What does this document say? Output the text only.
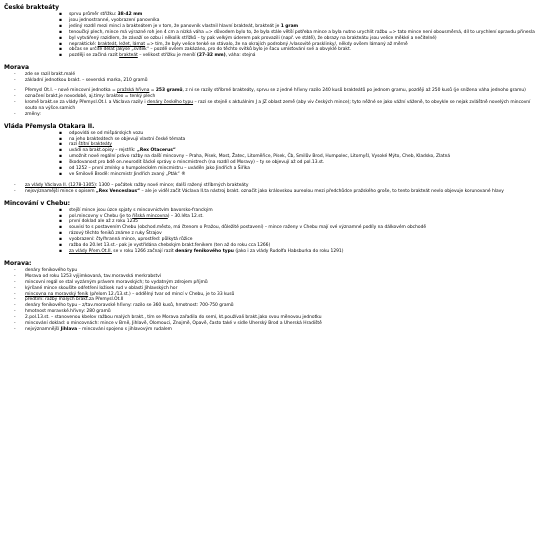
České brakteáty
▪ sprvu průměr střížku: 38-42 mm
▪ jsou jednostranné, vyobrazení panovníka
▪ jediný rozdíl mezi mincí a brakteátem je v tom, že panovník vlastnil hlavní brakteát, brakteát je 1 gram
▪ tenoučký plech, mince má výrazné roh jen 4 cm a nízká váha => důvodem bylo to, že byla stále větší potřeba mince a byla nutno urychlit ražbu => tato mince není obousměrná, díl to urychlení opravdu přinesla
▪ byl vytvářený razidlem, že závaží se ozbu i několik střížků – ty pak velkým úderem pak provazili (např. ve státě), že obrazy na brakteátu jsou velice měkké a nečitelné)
▪ nepraktické: brakteát, ležet, lámat => tím, že byly velice tenké se stávalo, že na okrajích podrobný /vlasovité prasklinky/, někdy ovšem lámaný až měrně
▪ občas se určitě dělat jakýse „svítek“ – pozdě ovšem zakázáno, pro do těchto svitků bylo je šacu umísťování své a obvyklé brakt.
▪ později se začíná razit brakteát – velikost střížku je menší (27-32 mm), váha: stejná
Morava
- zde se razil brakt.malé
- základní jednotkou brakt. – severská marka, 210 gramů
- Přemysl Ot.I. – nové mincovní jednotka = pražská hřivna = 253 gramů, z ní se razily stříbrné brakteáty, sprvu se z jedné hřivny razilo 240 kusů brakteátů po jednom gramu, později až 250 kusů (je snížena váha jednoho gramu)
- označení brakt.je novodobé, aj.tímy: brakteo = tenký plech
- kromě brakt.se za vlády Přemysl.Ot.I. a Václava razily i denáry českého typu – razí se stejně s aktuálním J a JZ oblast země (aby viv českých mince); tyto něžné se jako vážní váženě, to obvykle se nejak zvláštně novelých mincovní souto na výšce.samich
- změny:
Vláda Přemysla Otakara II.
▪ odpovídá se od mišpárských vozu
▪ na jeho brakteátech se objevují vlastní české témata
▪ razí štítní brakteáty
▪ uvádí na brakt.opisy – rejstřík: „Rex Otacerus“
▪ umožnit nové regální právo ražby na další mincovny – Praha, Písek, Most, Žatec, Litoměřice, Písek, Čb, Smilův Brod, Humpolec, Litomyšl, Vysoké Mýto, Cheb, Kladsko, Zlatná
▪ škodovanost pro bdě on.neurodit šácké správy o mincmistrech (na rozdíl od Moravy) – ty se objevují až od pol.13.st.
▪ od 1252 – první zmínky o humpoleckém mincmistru – uváděn jako Jindřich a Šiříka
▪ ve Smilově Brodě: mincmistr Jindřich zvaný „Pták“ ®
- za vlády Václava II. (1278-1305): 1300 – počátek ražby nové mince; další ražený stříbrných brakteáty
- nejsvýznamější mince s opisem „Rex Venceslaus“ – ale je viděl začit Václava II.ta nástroj brakt. označit jako královskou aureolou mezi předchůdce pražského groše, to tento brakteát nevlo objevuje korunované hlavy
Mincování v Chebu:
▪ stejší mince jsou úzce spjaty s mincovnictvím bavorsko-franckým
▪ pol.mincovny v Chebu (je to říšská mincovna) – 30.léta 12.st.
▪ první doklad ale až z roku 1235
▪ souvisí to s postavením Chebu (obchod.město, má čtenom o Pražou, důležité postavení) – mince raženy v Chebu mají své významné podíly na dálkovém obchodě
▪ rázový těchto feniků známe z ruky Štrajov
▪ vyobrazení: čtyřhranná mince, uprostřed: půlkytá růžice
▪ ražba do 20.let 13.st.- pak je vystřídána chebským brakt.fenikem (ten až do roku cca 1266)
▪ za vlády Přem.Ot.II. se v roku 1266 začnají razit denáry fenikového typu (jako i za vlády Rudolfa Habsburka do roku 1291)
Morava:
- denáry fenikového typu
- Morava od roku 1253 výjimkovaná, tav.moravská merkrabství
- mincovní regál se stal vyzárným právem moravských; to vydatným zdrojem příjmů
- kýršané mince skoušíte odřetření ložisek rud v oblasti Jihlavských hor
- mincovna na moravský feník (přelom 12./13.st.) – oddělný tvar od mincí v Chebu, je to 33 kusů
- předtím: ražby malých brakt.za Přemysl.Ot.II
- denáry fenikového typu – z/tav.moravské hřivny: razilo se 360 kusů, hmotnost: 700-750 gramů
- hmotnost moravské.hřivny: 280 gramů
- 2.pol.13.st. – stanovenou kbelov ražbou malých brakt., tím se Morava zařadila do semí, kt.používali brakt.jako svou měnovou jednotku
- mincování doklad: o mincovnách: mince v Brně, Jihlavě, Olomouci, Znojmě, Opavě, často také v sídle Uherský Brod a Uherská Hradiště
- nejvýznamnější Jihlava – mincování spojeno s jihlavovým rudalem
